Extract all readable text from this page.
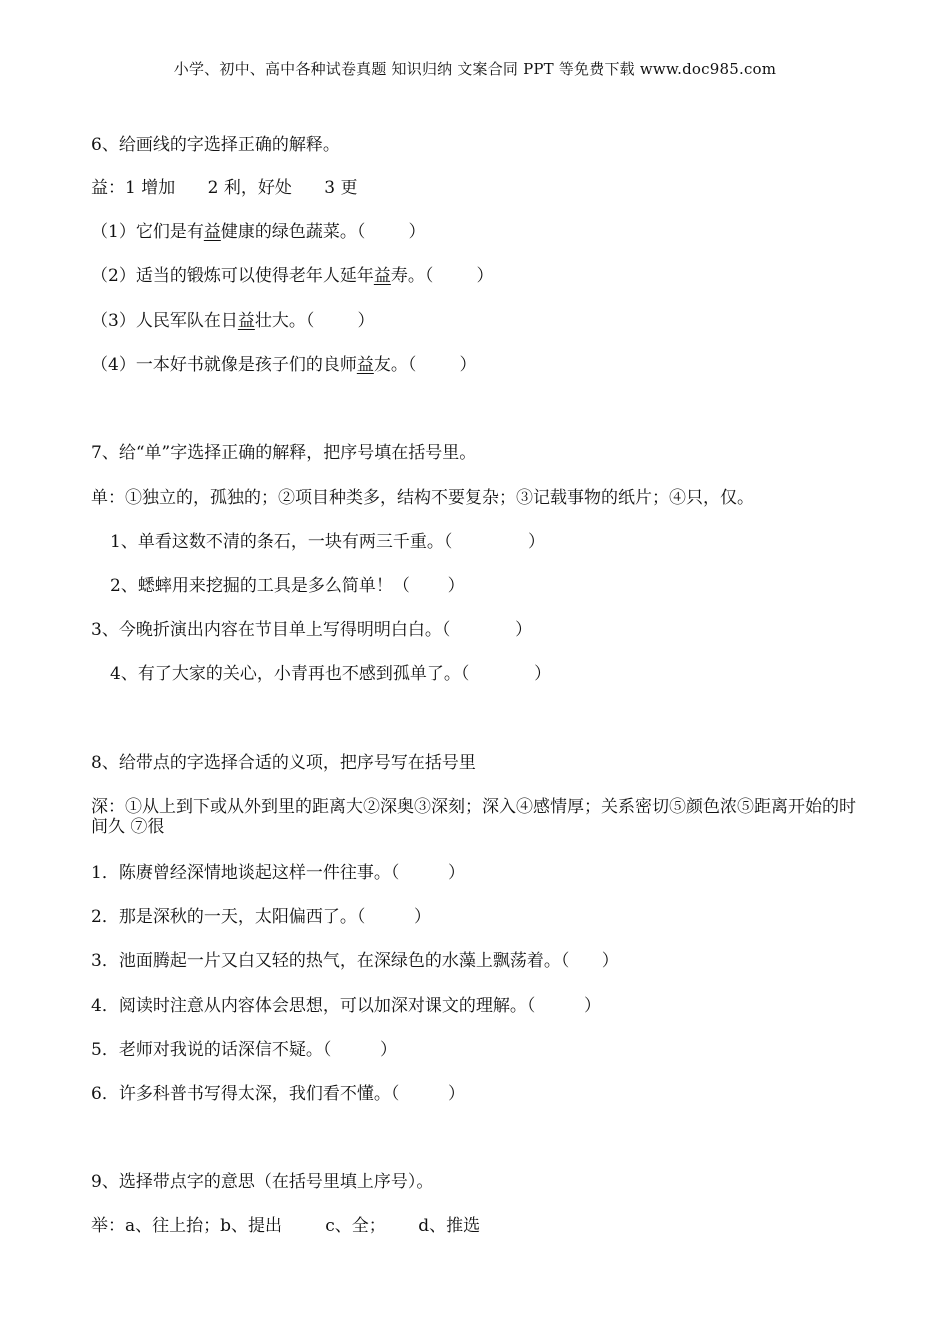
小学、初中、高中各种试卷真题 知识归纳 文案合同 PPT 等免费下载 www.doc985.com
6、给画线的字选择正确的解释。
益：1 增加      2 利，好处      3 更
（1）它们是有益健康的绿色蔬菜。（        ）
（2）适当的锻炼可以使得老年人延年益寿。（        ）
（3）人民军队在日益壮大。（        ）
（4）一本好书就像是孩子们的良师益友。（        ）
7、给“单”字选择正确的解释，把序号填在括号里。
单：①独立的，孤独的；②项目种类多，结构不要复杂；③记载事物的纸片；④只，仅。
1、单看这数不清的条石，一块有两三千重。（              ）
2、蟋蟀用来挖掘的工具是多么简单！（       ）
3、今晚折演出内容在节目单上写得明明白白。（            ）
4、有了大家的关心，小青再也不感到孤单了。（            ）
8、给带点的字选择合适的义项，把序号写在括号里
深：①从上到下或从外到里的距离大②深奥③深刻；深入④感情厚；关系密切⑤颜色浓⑤距离开始的时间久 ⑦很
1．陈赓曾经深情地谈起这样一件往事。（         ）
2．那是深秋的一天，太阳偏西了。（         ）
3．池面腾起一片又白又轻的热气，在深绿色的水藻上飘荡着。（      ）
4．阅读时注意从内容体会思想，可以加深对课文的理解。（         ）
5．老师对我说的话深信不疑。（         ）
6．许多科普书写得太深，我们看不懂。（         ）
9、选择带点字的意思（在括号里填上序号）。
举：a、往上抬；b、提出        c、全；      d、推选
